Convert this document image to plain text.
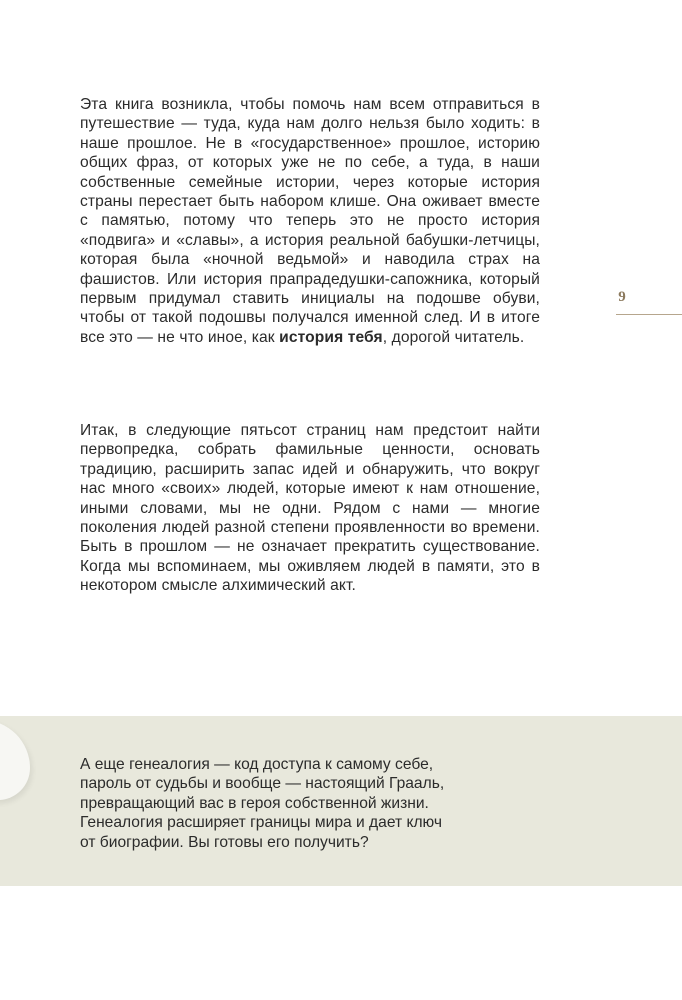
Эта книга возникла, чтобы помочь нам всем отправиться в путешествие — туда, куда нам долго нельзя было ходить: в наше прошлое. Не в «государственное» прошлое, историю общих фраз, от которых уже не по себе, а туда, в наши собственные семейные истории, через которые история страны перестает быть набором клише. Она оживает вместе с памятью, потому что теперь это не просто история «подвига» и «славы», а история реальной бабушки-летчицы, которая была «ночной ведьмой» и наводила страх на фашистов. Или история прапрадедушки-сапожника, который первым придумал ставить инициалы на подошве обуви, чтобы от такой подошвы получался именной след. И в итоге все это — не что иное, как история тебя, дорогой читатель.

9

Итак, в следующие пятьсот страниц нам предстоит найти первопредка, собрать фамильные ценности, основать традицию, расширить запас идей и обнаружить, что вокруг нас много «своих» людей, которые имеют к нам отношение, иными словами, мы не одни. Рядом с нами — многие поколения людей разной степени проявленности во времени. Быть в прошлом — не означает прекратить существование. Когда мы вспоминаем, мы оживляем людей в памяти, это в некотором смысле алхимический акт.

А еще генеалогия — код доступа к самому себе,
пароль от судьбы и вообще — настоящий Грааль,
превращающий вас в героя собственной жизни.
Генеалогия расширяет границы мира и дает ключ
от биографии. Вы готовы его получить?
